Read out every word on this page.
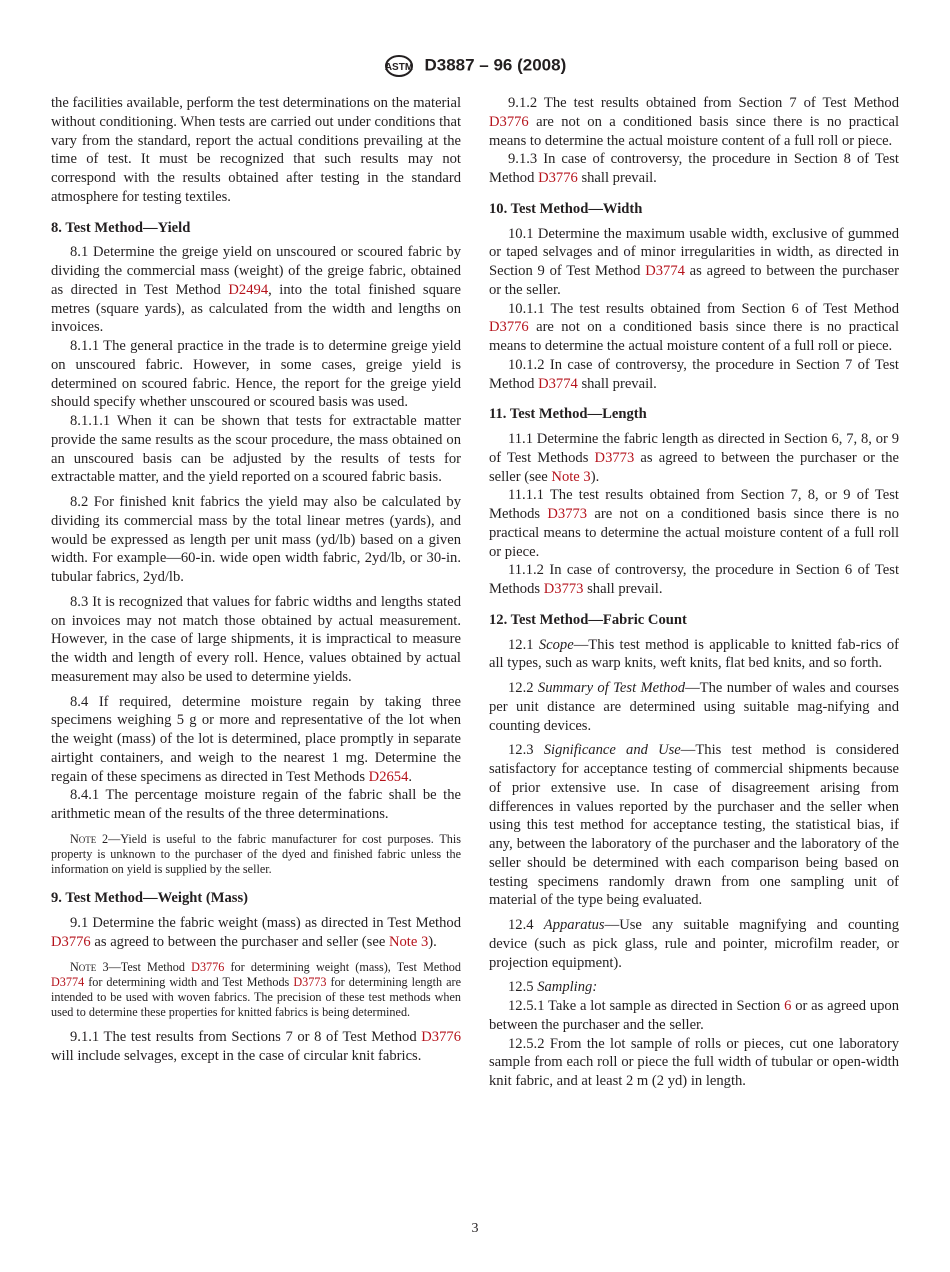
ASTM D3887 – 96 (2008)
the facilities available, perform the test determinations on the material without conditioning. When tests are carried out under conditions that vary from the standard, report the actual conditions prevailing at the time of test. It must be recognized that such results may not correspond with the results obtained after testing in the standard atmosphere for testing textiles.
8. Test Method—Yield
8.1 Determine the greige yield on unscoured or scoured fabric by dividing the commercial mass (weight) of the greige fabric, obtained as directed in Test Method D2494, into the total finished square metres (square yards), as calculated from the width and lengths on invoices.
8.1.1 The general practice in the trade is to determine greige yield on unscoured fabric. However, in some cases, greige yield is determined on scoured fabric. Hence, the report for the greige yield should specify whether unscoured or scoured basis was used.
8.1.1.1 When it can be shown that tests for extractable matter provide the same results as the scour procedure, the mass obtained on an unscoured basis can be adjusted by the results of tests for extractable matter, and the yield reported on a scoured fabric basis.
8.2 For finished knit fabrics the yield may also be calculated by dividing its commercial mass by the total linear metres (yards), and would be expressed as length per unit mass (yd/lb) based on a given width. For example—60-in. wide open width fabric, 2yd/lb, or 30-in. tubular fabrics, 2yd/lb.
8.3 It is recognized that values for fabric widths and lengths stated on invoices may not match those obtained by actual measurement. However, in the case of large shipments, it is impractical to measure the width and length of every roll. Hence, values obtained by actual measurement may also be used to determine yields.
8.4 If required, determine moisture regain by taking three specimens weighing 5 g or more and representative of the lot when the weight (mass) of the lot is determined, place promptly in separate airtight containers, and weigh to the nearest 1 mg. Determine the regain of these specimens as directed in Test Methods D2654.
8.4.1 The percentage moisture regain of the fabric shall be the arithmetic mean of the results of the three determinations.
Note 2—Yield is useful to the fabric manufacturer for cost purposes. This property is unknown to the purchaser of the dyed and finished fabric unless the information on yield is supplied by the seller.
9. Test Method—Weight (Mass)
9.1 Determine the fabric weight (mass) as directed in Test Method D3776 as agreed to between the purchaser and seller (see Note 3).
Note 3—Test Method D3776 for determining weight (mass), Test Method D3774 for determining width and Test Methods D3773 for determining length are intended to be used with woven fabrics. The precision of these test methods when used to determine these properties for knitted fabrics is being determined.
9.1.1 The test results from Sections 7 or 8 of Test Method D3776 will include selvages, except in the case of circular knit fabrics.
9.1.2 The test results obtained from Section 7 of Test Method D3776 are not on a conditioned basis since there is no practical means to determine the actual moisture content of a full roll or piece.
9.1.3 In case of controversy, the procedure in Section 8 of Test Method D3776 shall prevail.
10. Test Method—Width
10.1 Determine the maximum usable width, exclusive of gummed or taped selvages and of minor irregularities in width, as directed in Section 9 of Test Method D3774 as agreed to between the purchaser or the seller.
10.1.1 The test results obtained from Section 6 of Test Method D3776 are not on a conditioned basis since there is no practical means to determine the actual moisture content of a full roll or piece.
10.1.2 In case of controversy, the procedure in Section 7 of Test Method D3774 shall prevail.
11. Test Method—Length
11.1 Determine the fabric length as directed in Section 6, 7, 8, or 9 of Test Methods D3773 as agreed to between the purchaser or the seller (see Note 3).
11.1.1 The test results obtained from Section 7, 8, or 9 of Test Methods D3773 are not on a conditioned basis since there is no practical means to determine the actual moisture content of a full roll or piece.
11.1.2 In case of controversy, the procedure in Section 6 of Test Methods D3773 shall prevail.
12. Test Method—Fabric Count
12.1 Scope—This test method is applicable to knitted fab-rics of all types, such as warp knits, weft knits, flat bed knits, and so forth.
12.2 Summary of Test Method—The number of wales and courses per unit distance are determined using suitable mag-nifying and counting devices.
12.3 Significance and Use—This test method is considered satisfactory for acceptance testing of commercial shipments because of prior extensive use. In case of disagreement arising from differences in values reported by the purchaser and the seller when using this test method for acceptance testing, the statistical bias, if any, between the laboratory of the purchaser and the laboratory of the seller should be determined with each comparison being based on testing specimens randomly drawn from one sampling unit of material of the type being evaluated.
12.4 Apparatus—Use any suitable magnifying and counting device (such as pick glass, rule and pointer, microfilm reader, or projection equipment).
12.5 Sampling:
12.5.1 Take a lot sample as directed in Section 6 or as agreed upon between the purchaser and the seller.
12.5.2 From the lot sample of rolls or pieces, cut one laboratory sample from each roll or piece the full width of tubular or open-width knit fabric, and at least 2 m (2 yd) in length.
3
